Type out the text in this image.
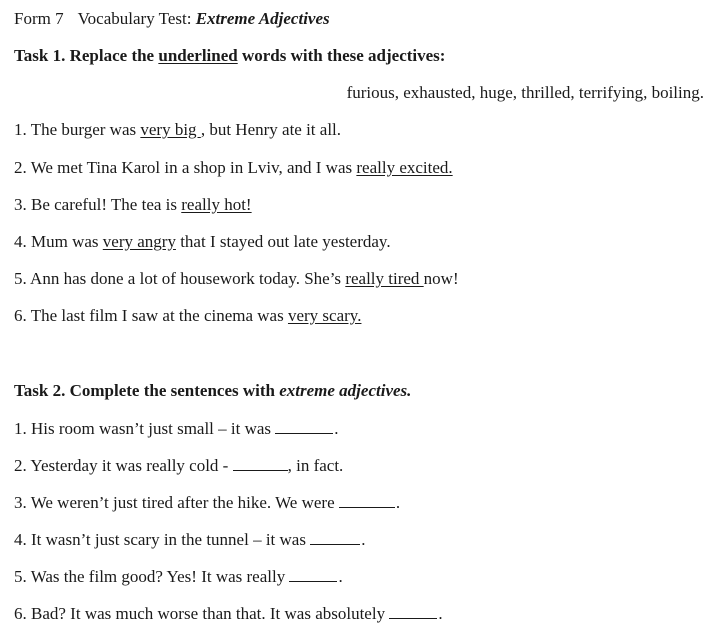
Form 7 Vocabulary Test: Extreme Adjectives
Task 1. Replace the underlined words with these adjectives:
furious, exhausted, huge, thrilled, terrifying, boiling.
1. The burger was very big , but Henry ate it all.
2. We met Tina Karol in a shop in Lviv, and I was really excited.
3. Be careful! The tea is really hot!
4. Mum was very angry that I stayed out late yesterday.
5. Ann has done a lot of housework today. She’s really tired now!
6. The last film I saw at the cinema was very scary.
Task 2. Complete the sentences with extreme adjectives.
1. His room wasn’t just small – it was	.
2. Yesterday it was really cold -	, in fact.
3. We weren’t just tired after the hike. We were	.
4. It wasn’t just scary in the tunnel – it was	.
5. Was the film good? Yes! It was really	.
6. Bad? It was much worse than that. It was absolutely	.
